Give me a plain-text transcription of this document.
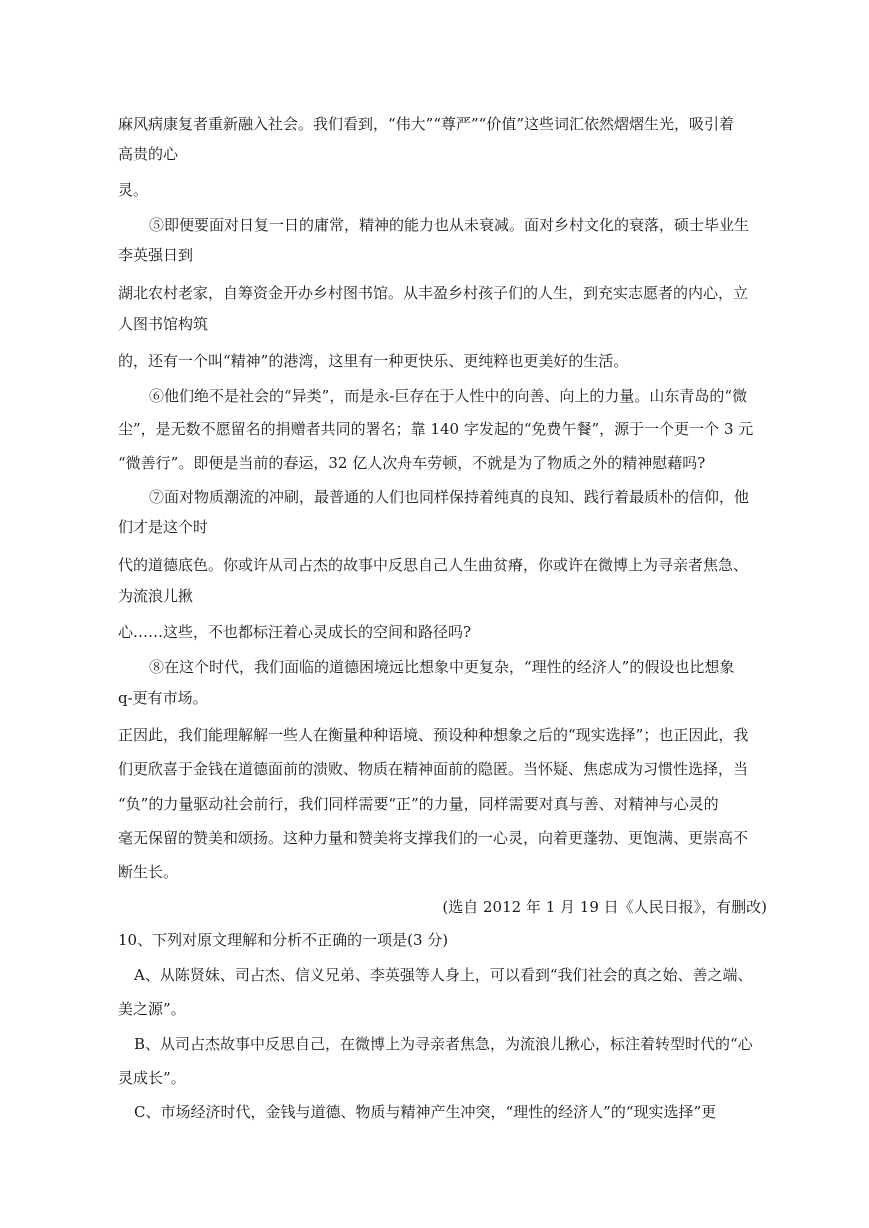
麻风病康复者重新融入社会。我们看到，“伟大”“尊严”“价值”这些词汇依然熠熠生光，吸引着
高贵的心
灵。
⑤即便要面对日复一日的庸常，精神的能力也从未衰减。面对乡村文化的衰落，硕士毕业生
李英强日到
湖北农村老家，自筹资金开办乡村图书馆。从丰盈乡村孩子们的人生，到充实志愿者的内心，立
人图书馆构筑
的，还有一个叫“精神”的港湾，这里有一种更快乐、更纯粹也更美好的生活。
⑥他们绝不是社会的“异类”，而是永-巨存在于人性中的向善、向上的力量。山东青岛的“微
尘”，是无数不愿留名的捐赠者共同的署名；靠 140 字发起的“免费午餐”，源于一个更一个 3 元
“微善行”。即便是当前的春运，32 亿人次舟车劳顿，不就是为了物质之外的精神慰藉吗?
⑦面对物质潮流的冲刷，最普通的人们也同样保持着纯真的良知、践行着最质朴的信仰，他
们才是这个时
代的道德底色。你或许从司占杰的故事中反思自己人生曲贫瘠，你或许在微博上为寻亲者焦急、
为流浪儿揪
心……这些，不也都标汪着心灵成长的空间和路径吗?
⑧在这个时代，我们面临的道德困境远比想象中更复杂，“理性的经济人”的假设也比想象
q-更有市场。
正因此，我们能理解解一些人在衡量种种语境、预设种种想象之后的“现实选择”；也正因此，我
们更欣喜于金钱在道德面前的溃败、物质在精神面前的隐匿。当怀疑、焦虑成为习惯性选择，当
“负”的力量驱动社会前行，我们同样需要“正”的力量，同样需要对真与善、对精神与心灵的
毫无保留的赞美和颂扬。这种力量和赞美将支撑我们的一心灵，向着更蓬勃、更饱满、更崇高不
断生长。
(选自 2012 年 1 月 19 日《人民日报》，有删改)
10、下列对原文理解和分析不正确的一项是(3 分)
A、从陈贤妹、司占杰、信义兄弟、李英强等人身上，可以看到“我们社会的真之始、善之端、
美之源”。
B、从司占杰故事中反思自己，在微博上为寻亲者焦急，为流浪儿揪心，标注着转型时代的“心
灵成长”。
C、市场经济时代，金钱与道德、物质与精神产生冲突，“理性的经济人”的“现实选择”更
